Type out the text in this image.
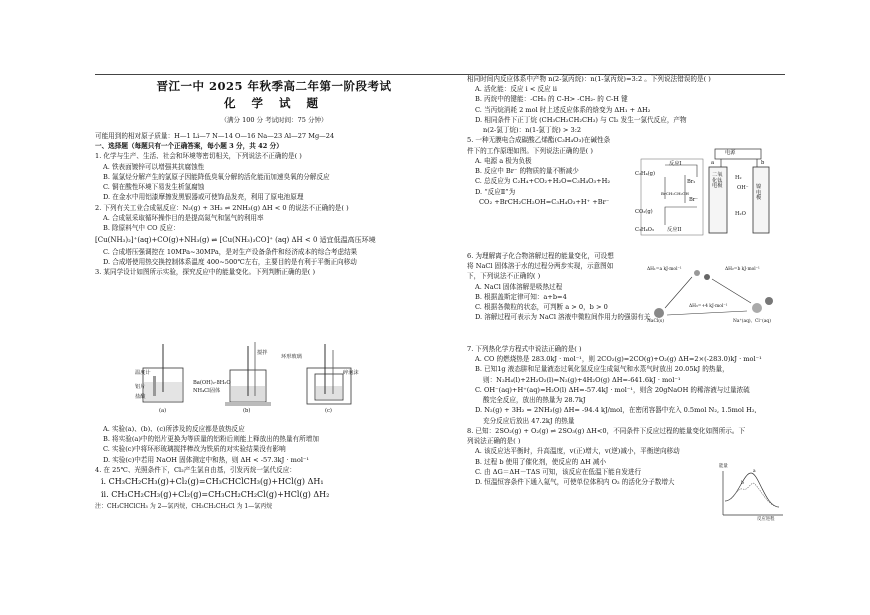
晋江一中 2025 年秋季高二年第一阶段考试
化 学 试 题
（满分 100 分 考试时间：75 分钟）

可能用到的相对原子质量：H—1 Li—7 N—14 O—16 Na—23 Al—27 Mg—24

一、选择题（每题只有一个正确答案，每小题 3 分，共 42 分）

1. 化学与生产、生活、社会和环境等密切相关，下列说法不正确的是( )

A. 铁表面镀锌可以增强其抗腐蚀性

B. 氟氯烃分解产生的氯原子因能降低臭氧分解的活化能而加速臭氧的分解反应

C. 铜在酸性环境下易发生析氢腐蚀

D. 在金水中用铝漆摩擦发黑银器或可使饰品发亮，利用了原电池原理

2. 下列有关工业合成氨反应：N₂(g) + 3H₂ ⇌ 2NH₃(g) ΔH < 0 的说法不正确的是( )

A. 合成氨采取循环操作目的是提高氮气和氢气的利用率

B. 除原料气中 CO 反应：

[Cu(NH₃)₂]⁺(aq)+CO(g)+NH₃(g) ⇌ [Cu(NH₃)₃CO]⁺ (aq) ΔH < 0 适宜低温高压环境

C. 合成塔压强调控在 10MPa~30MPa，是对生产设备条件和经济成本的综合考虑结果

D. 合成塔使用热交换控制体系温度 400~500℃左右，主要目的是有利于平衡正向移动

3. 某同学设计如图所示实验，探究反应中的能量变化。下列判断正确的是( )

温度计
铝片
盐酸
Ba(OH)₂·8H₂O
NH₄Cl固体
搅拌
环形玻璃
碎泡沫
(a)	(b)	(c)

A. 实验(a)、(b)、(c)所涉及的反应都是放热反应

B. 将实验(a)中的铝片更换为等质量的铝粉后则能上释放出的热量有所增加

C. 实验(c)中将环形玻璃搅拌棒改为铁质的对实验结果没有影响

D. 实验(c)中若用 NaOH 固体测定中和热，则 ΔH < -57.3kJ · mol⁻¹

4. 在 25℃、光照条件下，Cl₂产生氯自由基，引发丙烷一氯代反应：

i. CH₃CH₂CH₃(g)+Cl₂(g)=CH₃CHClCH₃(g)+HCl(g) ΔH₁

ii. CH₃CH₂CH₃(g)+Cl₂(g)=CH₃CH₂CH₂Cl(g)+HCl(g) ΔH₂

注：CH₃CHClCH₃ 为 2—氯丙烷，CH₃CH₂CH₂Cl 为 1—氯丙烷

相同时间内反应体系中产物 n(2-氯丙烷)：n(1-氯丙烷)=3:2 。下列说法错误的是( )

A. 活化能：反应 i < 反应 ii

B. 丙烷中的键能：-CH₃ 的 C-H> -CH₂- 的 C-H 键

C. 当丙烷消耗 2 mol 时上述反应体系的焓变为 ΔH₁ + ΔH₂

D. 相同条件下正丁烷 (CH₃CH₂CH₂CH₃) 与 Cl₂ 发生一氯代反应，产物

n(2-氯丁烷)：n(1-氯丁烷) > 3:2

5. 一种无膜电合成碳酸乙烯酯(C₃H₄O₃)在碱性条

件下的工作原理如图。下列说法正确的是( )

A. 电源 a 极为负极

B. 反应中 Br⁻ 的物质的量不断减少

C. 总反应为 C₂H₄+CO₂+H₂O=C₃H₄O₃+H₂

D. “反应Ⅱ”为

CO₂ +BrCH₂CH₂OH=C₃H₄O₃+H⁺ +Br⁻

电源
a	b
反应I
反应II
C₂H₄(g)
CO₂(g)
C₃H₄O₃
Br₂
Br⁻
BrCH₂CH₂OH
二氧化钛电极	镍电极
H₂
OH⁻
H₂O

6. 为理解离子化合物溶解过程的能量变化，可设想

将 NaCl 固体溶于水的过程分两步实现，示意图如

下，下列说法不正确的( )

A. NaCl 固体溶解是吸热过程

B. 根据盖斯定律可知：a+b=4

C. 根据各微粒的状态，可判断 a > 0，b > 0

D. 溶解过程可表示为 NaCl 溶液中微粒间作用力的强弱有关

ΔH₁=a kJ·mol⁻¹	ΔH₂=b kJ·mol⁻¹
ΔH₃=+4 kJ·mol⁻¹
NaCl(s)	Na⁺(aq)、Cl⁻(aq)

7. 下列热化学方程式中说法正确的是( )

A. CO 的燃烧热是 283.0kJ · mol⁻¹，则 2CO₂(g)=2CO(g)+O₂(g) ΔH=2×(-283.0)kJ · mol⁻¹

B. 已知1g 液态肼和足量液态过氧化氢反应生成氮气和水蒸气时放出 20.05kJ 的热量，

则：N₂H₄(l)+2H₂O₂(l)=N₂(g)+4H₂O(g) ΔH=-641.6kJ · mol⁻¹

C. OH⁻(aq)+H⁺(aq)=H₂O(l) ΔH=-57.4kJ · mol⁻¹，则含 20gNaOH 的稀溶液与过量浓硫

酸完全反应，放出的热量为 28.7kJ

D. N₂(g) + 3H₂ = 2NH₃(g) ΔH= -94.4 kJ/mol，在密闭容器中充入 0.5mol N₂, 1.5mol H₂,

充分反应后放出 47.2kJ 的热量

8. 已知：2SO₂(g) + O₂(g) ⇌ 2SO₃(g) ΔH<0，不同条件下反应过程的能量变化如图所示。下

列说法正确的是( )

A. 该反应达平衡时，升高温度，v(正)增大，v(逆)减小，平衡逆向移动

B. 过程 b 使用了催化剂，使反应的 ΔH 减小

C. 由 ΔG＝ΔH－TΔS 可知，该反应在低温下能自发进行

D. 恒温恒容条件下通入氦气，可使单位体积内 O₂ 的活化分子数增大

能量
反应进程
a
b
